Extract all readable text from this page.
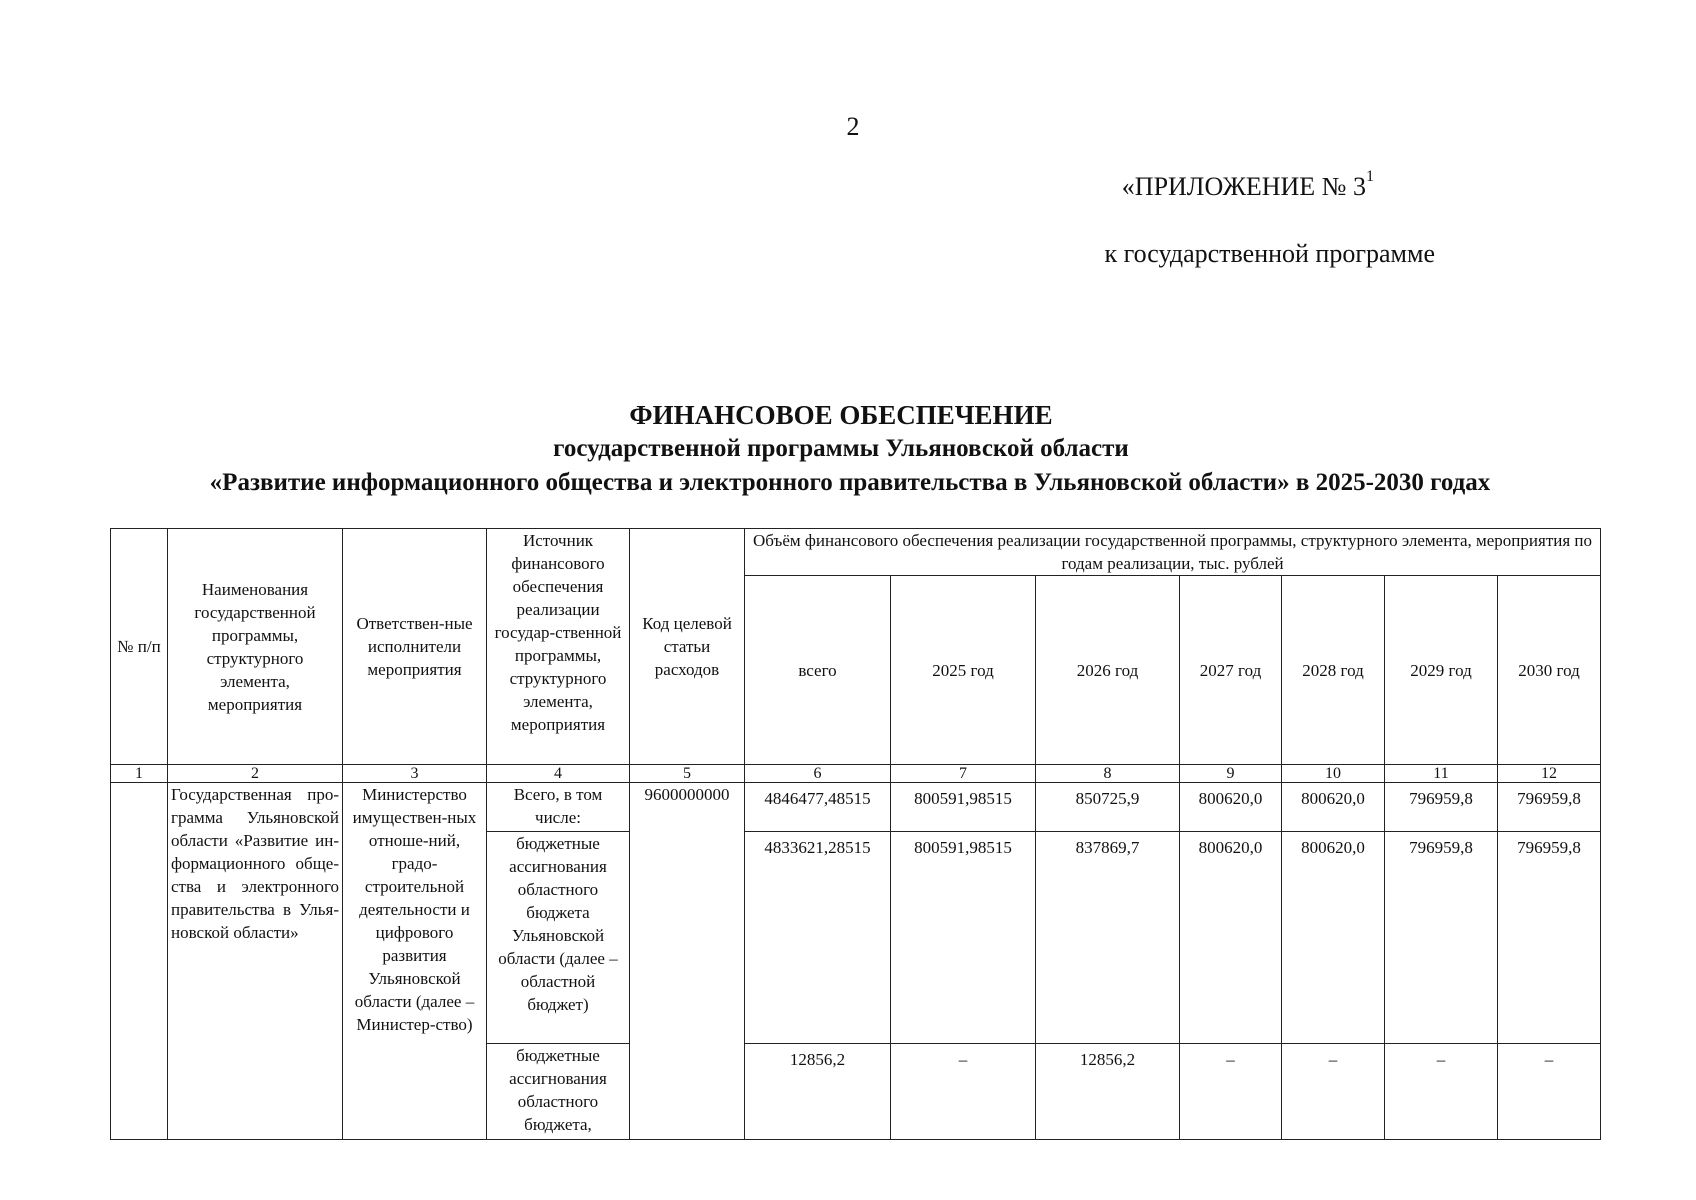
2
«ПРИЛОЖЕНИЕ № $3^1$
к государственной программе
ФИНАНСОВОЕ ОБЕСПЕЧЕНИЕ
государственной программы Ульяновской области
«Развитие информационного общества и электронного правительства в Ульяновской области» в 2025-2030 годах
№ п/п	Наименования государственной программы, структурного элемента, мероприятия	Ответствен-ные исполнители мероприятия	Источник финансового обеспечения реализации государ-ственной программы, структурного элемента, мероприятия	Код целевой статьи расходов	Объём финансового обеспечения реализации государственной программы, структурного элемента, мероприятия по годам реализации, тыс. рублей						
					всего	2025 год	2026 год	2027 год	2028 год	2029 год	2030 год
1	2	3	4	5	6	7	8	9	10	11	12
	Государственная про-грамма Ульяновской области «Развитие ин-формационного обще-ства и электронного правительства в Улья-новской области»	Министерство имуществен-ных отноше-ний, градо-строительной деятельности и цифрового развития Ульяновской области (далее – Министер-ство)	Всего, в том числе:	9600000000	4846477,48515	800591,98515	850725,9	800620,0	800620,0	796959,8	796959,8
			бюджетные ассигнования областного бюджета Ульяновской области (далее – областной бюджет)		4833621,28515	800591,98515	837869,7	800620,0	800620,0	796959,8	796959,8
			бюджетные ассигнования областного бюджета,		12856,2	–	12856,2	–	–	–	–
